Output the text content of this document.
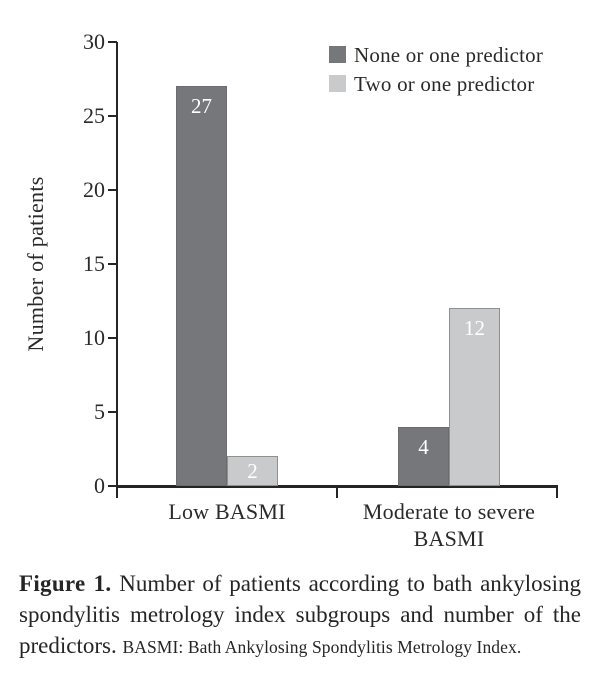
Number of patients
None or one predictor
Two or one predictor
0
5
10
15
20
25
30
27
4
2
12
Low BASMI	Moderate to severe BASMI

Figure 1. Number of patients according to bath ankylosing spondylitis metrology index subgroups and number of the predictors. BASMI: Bath Ankylosing Spondylitis Metrology Index.
